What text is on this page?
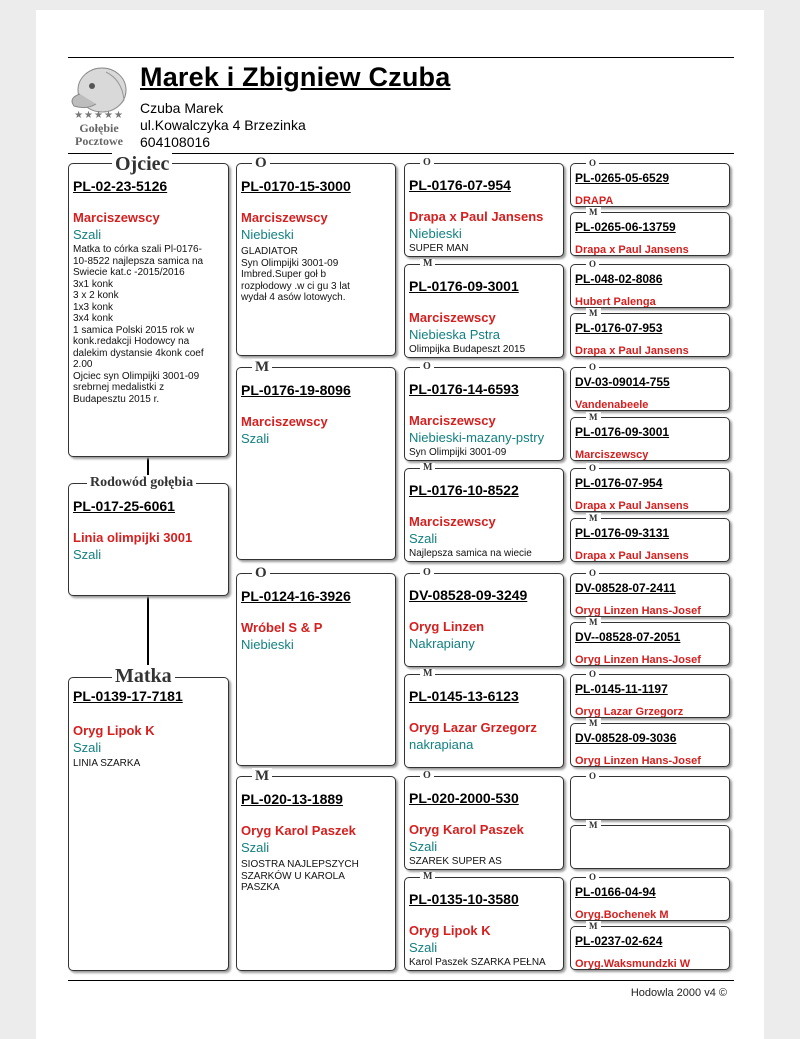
★★★★★
Gołębie
Pocztowe
Marek i Zbigniew Czuba
Czuba Marek
ul.Kowalczyka 4 Brzezinka
604108016
PL-02-23-5126
Marciszewscy
Szali
Matka to córka szali Pl-0176-
10-8522 najlepsza samica na
Swiecie kat.c -2015/2016
3x1 konk
3 x 2 konk
1x3 konk
3x4 konk
1 samica Polski 2015 rok w
konk.redakcji Hodowcy na
dalekim dystansie 4konk coef
2.00
Ojciec syn Olimpijki 3001-09
srebrnej medalistki z
Budapesztu 2015 r.
Ojciec
PL-017-25-6061
Linia olimpijki 3001
Szali
Rodowód gołębia
PL-0139-17-7181
Oryg Lipok K
Szali
LINIA SZARKA
Matka
PL-0170-15-3000
Marciszewscy
Niebieski
GLADIATOR
Syn Olimpijki 3001-09
Imbred.Super goł b
rozpłodowy .w ci gu 3 lat
wydał 4 asów lotowych.
O
PL-0176-19-8096
Marciszewscy
Szali
M
PL-0124-16-3926
Wróbel S & P
Niebieski
O
PL-020-13-1889
Oryg Karol Paszek
Szali
SIOSTRA NAJLEPSZYCH
SZARKÓW U KAROLA
PASZKA
M
PL-0176-07-954
Drapa x Paul Jansens
Niebieski
SUPER MAN
O
PL-0176-09-3001
Marciszewscy
Niebieska Pstra
Olimpijka Budapeszt 2015
M
PL-0176-14-6593
Marciszewscy
Niebieski-mazany-pstry
Syn Olimpijki 3001-09
O
PL-0176-10-8522
Marciszewscy
Szali
Najlepsza samica na wiecie
M
DV-08528-09-3249
Oryg Linzen
Nakrapiany
O
PL-0145-13-6123
Oryg Lazar Grzegorz
nakrapiana
M
PL-020-2000-530
Oryg Karol Paszek
Szali
SZAREK SUPER AS
O
PL-0135-10-3580
Oryg Lipok K
Szali
Karol Paszek SZARKA PEŁNA
M
PL-0265-05-6529
DRAPA
O
PL-0265-06-13759
Drapa x Paul Jansens
M
PL-048-02-8086
Hubert Palenga
O
PL-0176-07-953
Drapa x Paul Jansens
M
DV-03-09014-755
Vandenabeele
O
PL-0176-09-3001
Marciszewscy
M
PL-0176-07-954
Drapa x Paul Jansens
O
PL-0176-09-3131
Drapa x Paul Jansens
M
DV-08528-07-2411
Oryg Linzen Hans-Josef
O
DV--08528-07-2051
Oryg Linzen Hans-Josef
M
PL-0145-11-1197
Oryg Lazar Grzegorz
O
DV-08528-09-3036
Oryg Linzen Hans-Josef
M
O
M
PL-0166-04-94
Oryg.Bochenek M
O
PL-0237-02-624
Oryg.Waksmundzki W
M
Hodowla 2000 v4 ©
